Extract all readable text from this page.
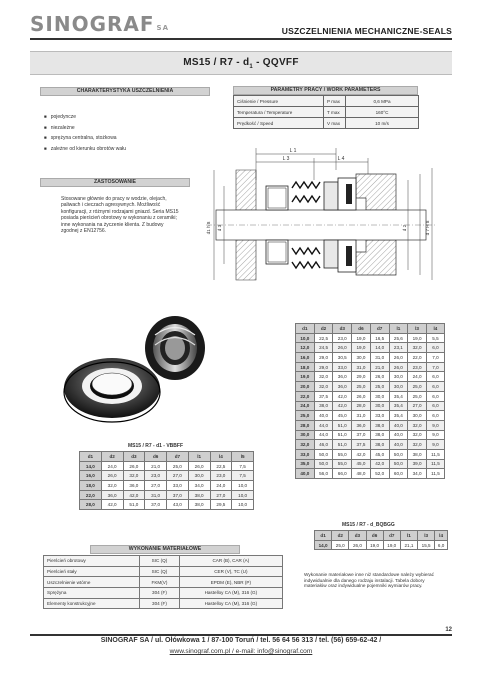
SINOGRAF SA	USZCZELNIENIA MECHANICZNE-SEALS
$MS15 / R7 - d_1$ - QQVFF
CHARAKTERYSTYKA USZCZELNIENIA
■ pojedyncze
■ niezależne
■ sprężyna centralna, stożkowa
■ zależne od kierunku obrotów wału
PARAMETRY PRACY / WORK PARAMETERS
Ciśnienie / Pressure	P max	0,6 MPa
Temperatura / Temperature	T max	160°C
Prędkość / Speed	V max	10 m/s
ZASTOSOWANIE
Stosowane głównie do pracy w wodzie, olejach, paliwach i cieczach agresywnych. Możliwość konfiguracji, z różnymi rodzajami gniazd. Seria MS15 posiada pierścień obrotowy w wykonaniu z ceramiki; inne wykonania na życzenie klienta. Z budowy zgodnej z EN12756.
L 1
L 3	L 4
d1 h 8 d 3	d 2	d 7 H 8
MS15 / R7 - d1 - VBBFF
d1	d2	d3	d6	d7	l1	l4	l5
14,0	24,0	26,0	21,0	25,0	26,0	22,5	7,5
16,0	26,0	32,0	23,0	27,0	30,0	23,0	7,5
18,0	32,0	36,0	27,0	33,0	34,0	24,0	10,0
22,0	36,0	42,0	31,0	37,0	38,0	27,0	10,0
28,0	42,0	51,0	37,0	43,0	38,0	29,5	10,0
d1	d2	d3	d6	d7	l1	l3	l4
10,0	22,5	23,0	19,0	16,5	25,6	19,0	5,5
12,0	24,5	26,0	19,0	14,0	23,1	32,0	6,0
16,0	29,0	30,5	30,0	31,0	26,0	22,0	7,0
18,0	29,0	33,0	31,0	21,0	26,0	23,0	7,0
19,0	32,0	36,0	29,0	26,0	30,0	24,0	6,0
20,0	32,0	36,0	25,0	25,0	30,0	25,0	6,0
22,0	37,5	42,0	26,0	30,0	35,4	25,0	6,0
24,0	38,0	42,0	28,0	30,0	35,4	27,0	6,0
25,0	40,0	45,0	31,0	33,0	35,4	30,0	6,0
28,0	44,0	51,0	36,0	38,0	40,0	32,0	9,0
30,0	44,0	51,0	37,0	38,0	40,0	32,0	9,0
32,0	46,0	51,0	37,5	38,0	40,0	32,0	9,0
33,0	50,0	55,0	42,0	45,0	50,0	38,0	11,5
35,0	50,0	55,0	45,0	42,0	50,0	39,0	11,5
40,0	56,0	66,0	48,0	52,0	60,0	34,0	11,5
MS15 / R7 - d_BQBGG
d1	d2	d3	d6	d7	l1	l3	l4
14,0	25,0	26,0	19,0	19,0	21,1	15,5	6,0
WYKONANIE MATERIAŁOWE
Pierścień obrotowy	SIC (Q)	CAR (B), CAR (A)
Pierścień stały	SIC (Q)	CER (V), TC (U)
Uszczelnienie wtórne	FKM(V)	EPDM (E), NBR (P)
Sprężyna	304 (F)	Hastelloy CA (M), 316 (G)
Elementy konstrukcyjne	304 (F)	Hastelloy CA (M), 316 (G)
Wykonanie materiałowe inne niż standardowe należy wybierać indywidualnie dla danego rodzaju instalacji. Tabela dobory materiałów oraz indywidualne pojemniki wymiarów pracy.
12
SINOGRAF SA / ul. Ołówkowa 1 / 87-100 Toruń / tel. 56 64 56 313 / tel. (56) 659-62-42 /
www.sinograf.com.pl / e-mail: info@sinograf.com
